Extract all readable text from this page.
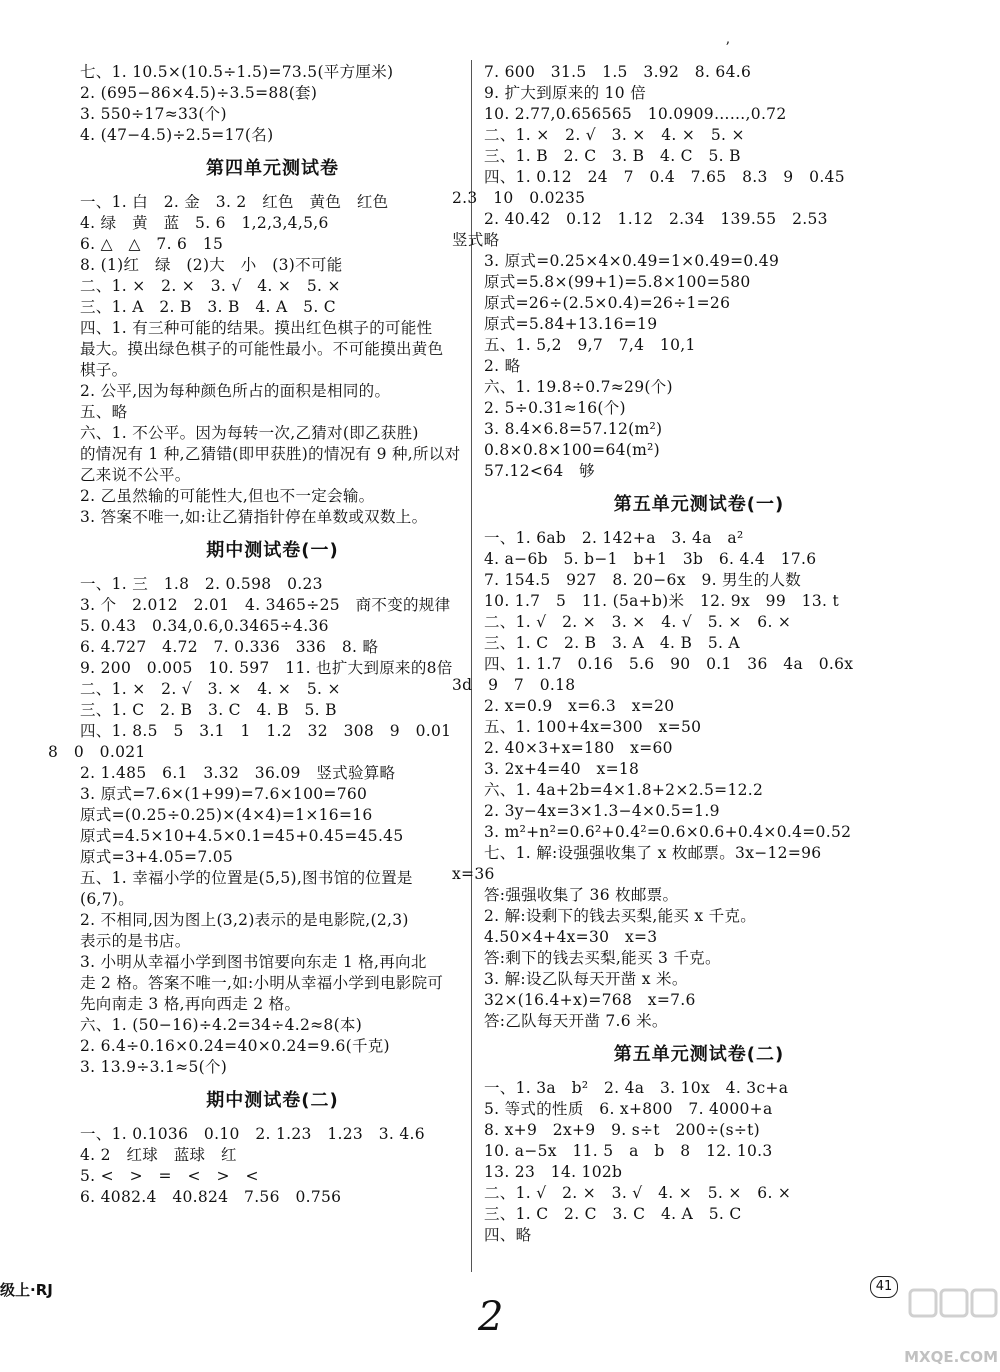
ʼ
七、1. 10.5×(10.5÷1.5)=73.5(平方厘米)
2. (695−86×4.5)÷3.5=88(套)
3. 550÷17≈33(个)
4. (47−4.5)÷2.5=17(名)
第四单元测试卷
一、1. 白   2. 金   3. 2   红色   黄色   红色
4. 绿   黄   蓝   5. 6   1,2,3,4,5,6
6. △   △   7. 6   15
8. (1)红   绿   (2)大   小   (3)不可能
二、1. ×   2. ×   3. √   4. ×   5. ×
三、1. A   2. B   3. B   4. A   5. C
四、1. 有三种可能的结果。摸出红色棋子的可能性
最大。摸出绿色棋子的可能性最小。不可能摸出黄色
棋子。
2. 公平,因为每种颜色所占的面积是相同的。
五、略
六、1. 不公平。因为每转一次,乙猜对(即乙获胜)
的情况有 1 种,乙猜错(即甲获胜)的情况有 9 种,所以对
乙来说不公平。
2. 乙虽然输的可能性大,但也不一定会输。
3. 答案不唯一,如:让乙猜指针停在单数或双数上。
期中测试卷(一)
一、1. 三   1.8   2. 0.598   0.23
3. 个   2.012   2.01   4. 3465÷25   商不变的规律
5. 0.43   0.34,0.6,0.3465÷4.36
6. 4.727   4.72   7. 0.336   336   8. 略
9. 200   0.005   10. 597   11. 也扩大到原来的8倍
二、1. ×   2. √   3. ×   4. ×   5. ×
三、1. C   2. B   3. C   4. B   5. B
四、1. 8.5   5   3.1   1   1.2   32   308   9   0.01
8   0   0.021
2. 1.485   6.1   3.32   36.09   竖式验算略
3. 原式=7.6×(1+99)=7.6×100=760
原式=(0.25÷0.25)×(4×4)=1×16=16
原式=4.5×10+4.5×0.1=45+0.45=45.45
原式=3+4.05=7.05
五、1. 幸福小学的位置是(5,5),图书馆的位置是
(6,7)。
2. 不相同,因为图上(3,2)表示的是电影院,(2,3)
表示的是书店。
3. 小明从幸福小学到图书馆要向东走 1 格,再向北
走 2 格。答案不唯一,如:小明从幸福小学到电影院可
先向南走 3 格,再向西走 2 格。
六、1. (50−16)÷4.2=34÷4.2≈8(本)
2. 6.4÷0.16×0.24=40×0.24=9.6(千克)
3. 13.9÷3.1≈5(个)
期中测试卷(二)
一、1. 0.1036   0.10   2. 1.23   1.23   3. 4.6
4. 2   红球   蓝球   红
5. <   >   =   <   >   <
6. 4082.4   40.824   7.56   0.756
7. 600   31.5   1.5   3.92   8. 64.6
9. 扩大到原来的 10 倍
10. 2.77,0.656565   10.0909……,0.72
二、1. ×   2. √   3. ×   4. ×   5. ×
三、1. B   2. C   3. B   4. C   5. B
四、1. 0.12   24   7   0.4   7.65   8.3   9   0.45
2.3   10   0.0235
2. 40.42   0.12   1.12   2.34   139.55   2.53
竖式略
3. 原式=0.25×4×0.49=1×0.49=0.49
原式=5.8×(99+1)=5.8×100=580
原式=26÷(2.5×0.4)=26÷1=26
原式=5.84+13.16=19
五、1. 5,2   9,7   7,4   10,1
2. 略
六、1. 19.8÷0.7≈29(个)
2. 5÷0.31≈16(个)
3. 8.4×6.8=57.12(m²)
0.8×0.8×100=64(m²)
57.12<64   够
第五单元测试卷(一)
一、1. 6ab   2. 142+a   3. 4a   a²
4. a−6b   5. b−1   b+1   3b   6. 4.4   17.6
7. 154.5   927   8. 20−6x   9. 男生的人数
10. 1.7   5   11. (5a+b)米   12. 9x   99   13. t
二、1. √   2. ×   3. ×   4. √   5. ×   6. ×
三、1. C   2. B   3. A   4. B   5. A
四、1. 1.7   0.16   5.6   90   0.1   36   4a   0.6x
3d   9   7   0.18
2. x=0.9   x=6.3   x=20
五、1. 100+4x=300   x=50
2. 40×3+x=180   x=60
3. 2x+4=40   x=18
六、1. 4a+2b=4×1.8+2×2.5=12.2
2. 3y−4x=3×1.3−4×0.5=1.9
3. m²+n²=0.6²+0.4²=0.6×0.6+0.4×0.4=0.52
七、1. 解:设强强收集了 x 枚邮票。3x−12=96
x=36
答:强强收集了 36 枚邮票。
2. 解:设剩下的钱去买梨,能买 x 千克。
4.50×4+4x=30   x=3
答:剩下的钱去买梨,能买 3 千克。
3. 解:设乙队每天开凿 x 米。
32×(16.4+x)=768   x=7.6
答:乙队每天开凿 7.6 米。
第五单元测试卷(二)
一、1. 3a   b²   2. 4a   3. 10x   4. 3c+a
5. 等式的性质   6. x+800   7. 4000+a
8. x+9   2x+9   9. s÷t   200÷(s÷t)
10. a−5x   11. 5   a   b   8   12. 10.3
13. 23   14. 102b
二、1. √   2. ×   3. √   4. ×   5. ×   6. ×
三、1. C   2. C   3. C   4. A   5. C
四、略
级上·RJ
2
41
MXQE.COM
